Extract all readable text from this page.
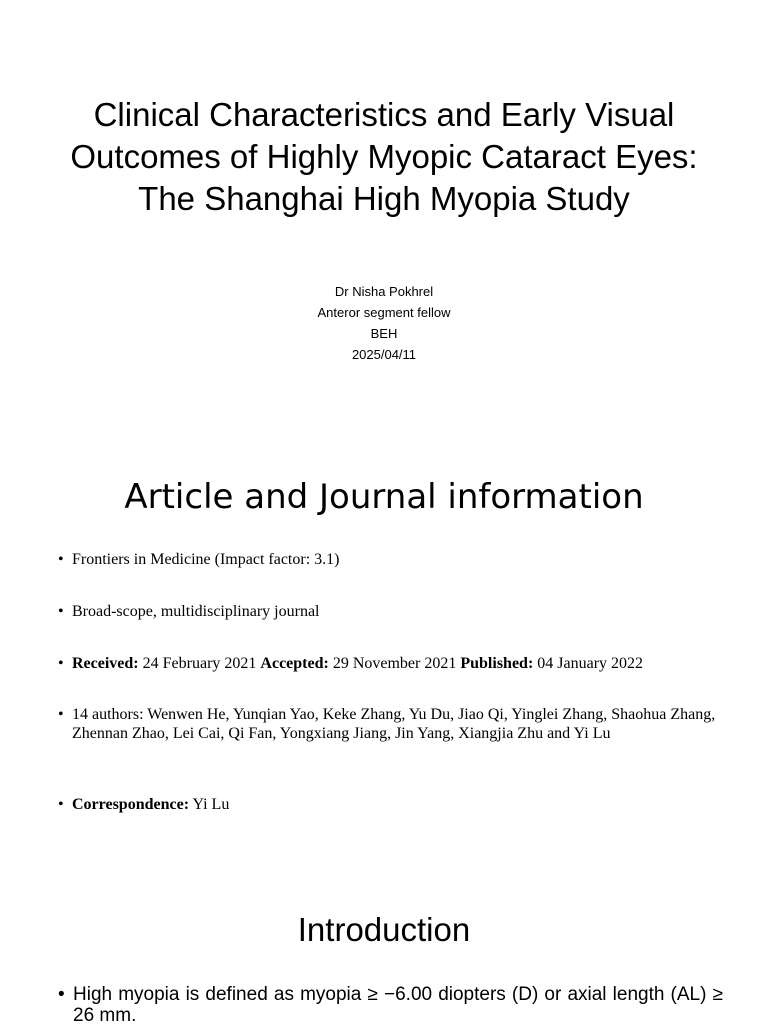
Clinical Characteristics and Early Visual Outcomes of Highly Myopic Cataract Eyes: The Shanghai High Myopia Study
Dr Nisha Pokhrel
Anteror segment fellow
BEH
2025/04/11
Article and Journal information
• Frontiers in Medicine (Impact factor: 3.1)
• Broad-scope, multidisciplinary journal
• Received: 24 February 2021 Accepted: 29 November 2021 Published: 04 January 2022
• 14 authors: Wenwen He, Yunqian Yao, Keke Zhang, Yu Du, Jiao Qi, Yinglei Zhang, Shaohua Zhang, Zhennan Zhao, Lei Cai, Qi Fan, Yongxiang Jiang, Jin Yang, Xiangjia Zhu and Yi Lu
• Correspondence: Yi Lu
Introduction

• High myopia is defined as myopia ≥ −6.00 diopters (D) or axial length (AL) ≥ 26 mm.
